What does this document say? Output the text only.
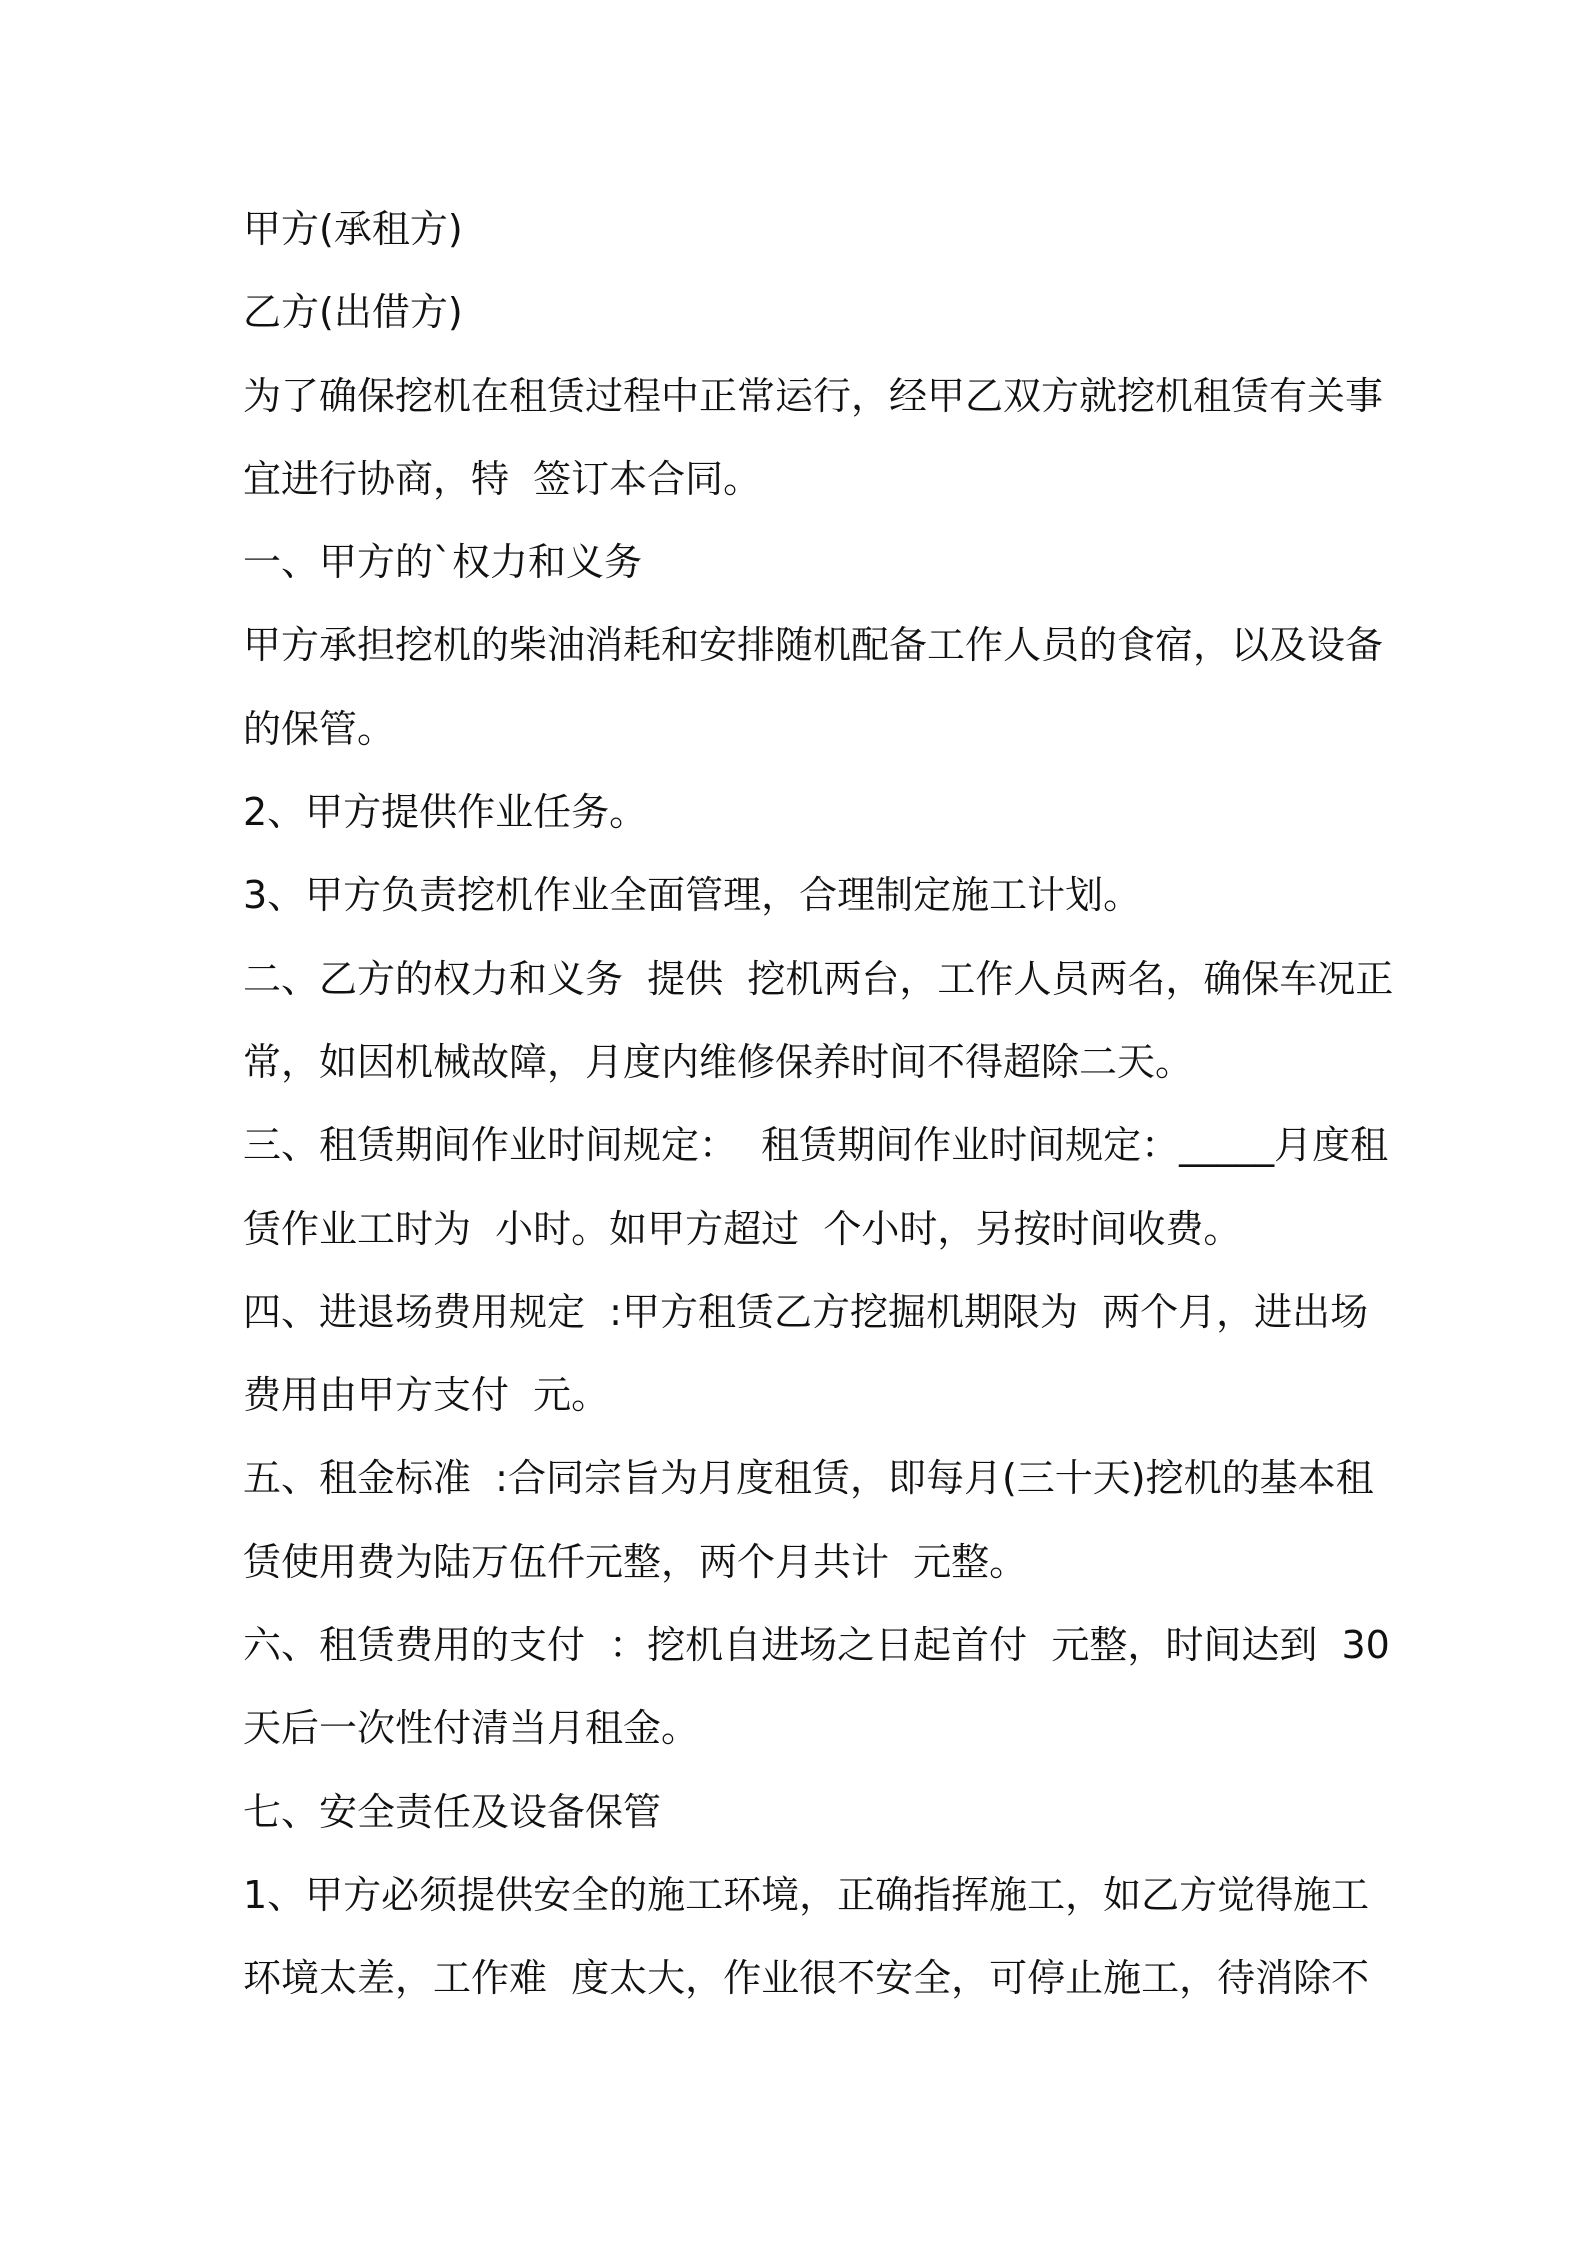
甲方(承租方)
乙方(出借方)
为了确保挖机在租赁过程中正常运行，经甲乙双方就挖机租赁有关事
宜进行协商，特  签订本合同。
一、甲方的`权力和义务
甲方承担挖机的柴油消耗和安排随机配备工作人员的食宿，以及设备
的保管。
2、甲方提供作业任务。
3、甲方负责挖机作业全面管理，合理制定施工计划。
二、乙方的权力和义务  提供  挖机两台，工作人员两名，确保车况正
常，如因机械故障，月度内维修保养时间不得超除二天。
三、租赁期间作业时间规定：  租赁期间作业时间规定：_____月度租
赁作业工时为  小时。如甲方超过  个小时，另按时间收费。
四、进退场费用规定  :甲方租赁乙方挖掘机期限为  两个月，进出场
费用由甲方支付  元。
五、租金标准  :合同宗旨为月度租赁，即每月(三十天)挖机的基本租
赁使用费为陆万伍仟元整，两个月共计  元整。
六、租赁费用的支付  ：挖机自进场之日起首付  元整，时间达到  30
天后一次性付清当月租金。
七、安全责任及设备保管
1、甲方必须提供安全的施工环境，正确指挥施工，如乙方觉得施工
环境太差，工作难  度太大，作业很不安全，可停止施工，待消除不
